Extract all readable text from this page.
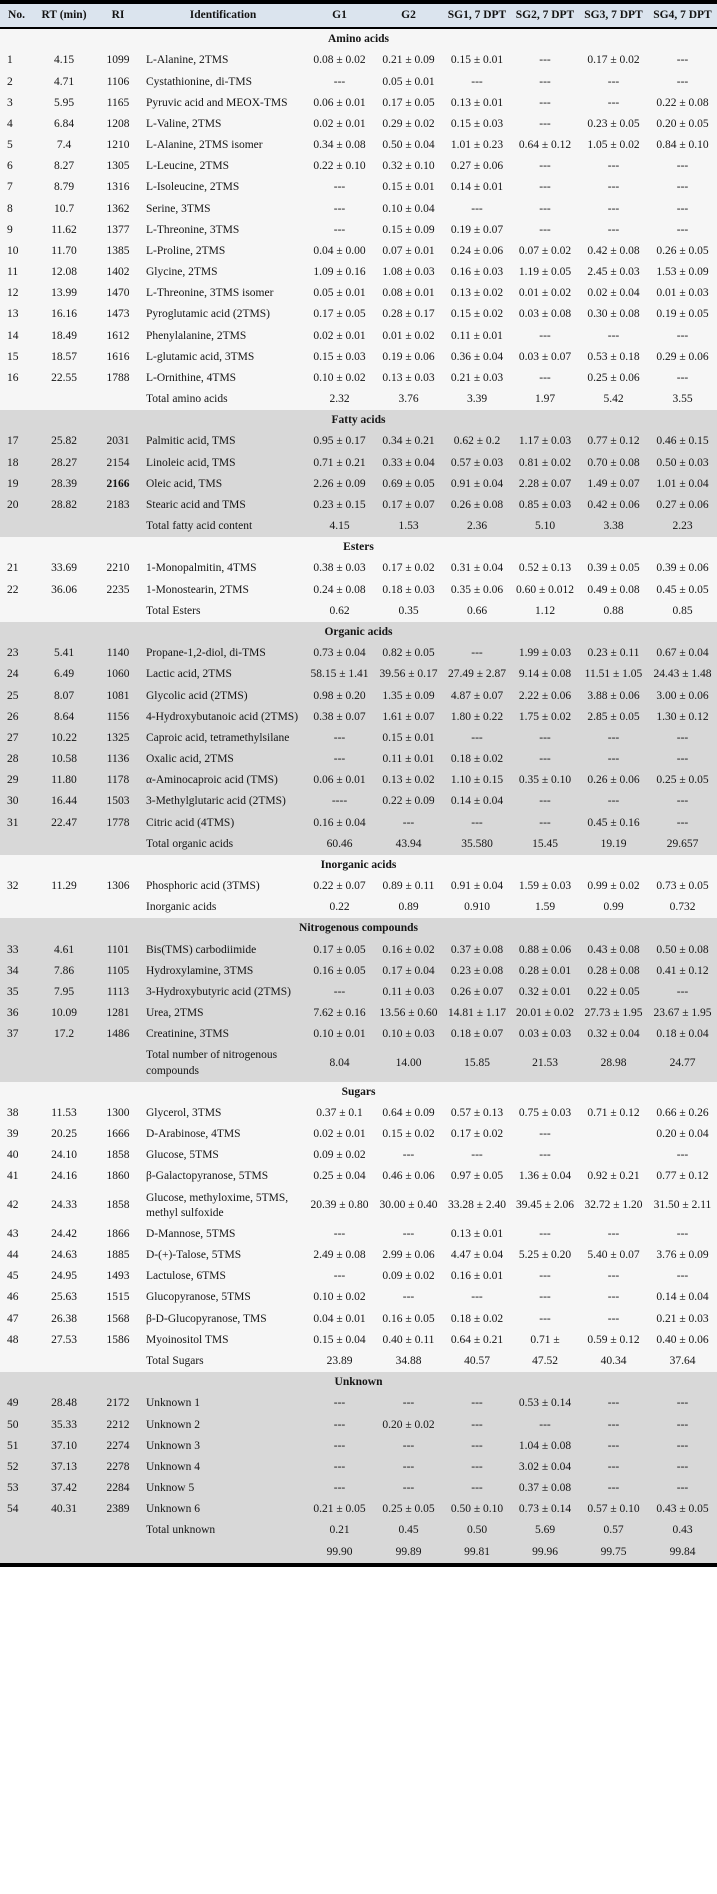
No.	RT (min)	RI	Identification	G1	G2	SG1, 7 DPT	SG2, 7 DPT	SG3, 7 DPT	SG4, 7 DPT
Amino acids									
1	4.15	1099	L-Alanine, 2TMS	0.08 ± 0.02	0.21 ± 0.09	0.15 ± 0.01	---	0.17 ± 0.02	---
2	4.71	1106	Cystathionine, di-TMS	---	0.05 ± 0.01	---	---	---	---
3	5.95	1165	Pyruvic acid and MEOX-TMS	0.06 ± 0.01	0.17 ± 0.05	0.13 ± 0.01	---	---	0.22 ± 0.08
4	6.84	1208	L-Valine, 2TMS	0.02 ± 0.01	0.29 ± 0.02	0.15 ± 0.03	---	0.23 ± 0.05	0.20 ± 0.05
5	7.4	1210	L-Alanine, 2TMS isomer	0.34 ± 0.08	0.50 ± 0.04	1.01 ± 0.23	0.64 ± 0.12	1.05 ± 0.02	0.84 ± 0.10
6	8.27	1305	L-Leucine, 2TMS	0.22 ± 0.10	0.32 ± 0.10	0.27 ± 0.06	---	---	---
7	8.79	1316	L-Isoleucine, 2TMS	---	0.15 ± 0.01	0.14 ± 0.01	---	---	---
8	10.7	1362	Serine, 3TMS	---	0.10 ± 0.04	---	---	---	---
9	11.62	1377	L-Threonine, 3TMS	---	0.15 ± 0.09	0.19 ± 0.07	---	---	---
10	11.70	1385	L-Proline, 2TMS	0.04 ± 0.00	0.07 ± 0.01	0.24 ± 0.06	0.07 ± 0.02	0.42 ± 0.08	0.26 ± 0.05
11	12.08	1402	Glycine, 2TMS	1.09 ± 0.16	1.08 ± 0.03	0.16 ± 0.03	1.19 ± 0.05	2.45 ± 0.03	1.53 ± 0.09
12	13.99	1470	L-Threonine, 3TMS isomer	0.05 ± 0.01	0.08 ± 0.01	0.13 ± 0.02	0.01 ± 0.02	0.02 ± 0.04	0.01 ± 0.03
13	16.16	1473	Pyroglutamic acid (2TMS)	0.17 ± 0.05	0.28 ± 0.17	0.15 ± 0.02	0.03 ± 0.08	0.30 ± 0.08	0.19 ± 0.05
14	18.49	1612	Phenylalanine, 2TMS	0.02 ± 0.01	0.01 ± 0.02	0.11 ± 0.01	---	---	---
15	18.57	1616	L-glutamic acid, 3TMS	0.15 ± 0.03	0.19 ± 0.06	0.36 ± 0.04	0.03 ± 0.07	0.53 ± 0.18	0.29 ± 0.06
16	22.55	1788	L-Ornithine, 4TMS	0.10 ± 0.02	0.13 ± 0.03	0.21 ± 0.03	---	0.25 ± 0.06	---
			Total amino acids	2.32	3.76	3.39	1.97	5.42	3.55
Fatty acids									
17	25.82	2031	Palmitic acid, TMS	0.95 ± 0.17	0.34 ± 0.21	0.62 ± 0.2	1.17 ± 0.03	0.77 ± 0.12	0.46 ± 0.15
18	28.27	2154	Linoleic acid, TMS	0.71 ± 0.21	0.33 ± 0.04	0.57 ± 0.03	0.81 ± 0.02	0.70 ± 0.08	0.50 ± 0.03
19	28.39	2166	Oleic acid, TMS	2.26 ± 0.09	0.69 ± 0.05	0.91 ± 0.04	2.28 ± 0.07	1.49 ± 0.07	1.01 ± 0.04
20	28.82	2183	Stearic acid and TMS	0.23 ± 0.15	0.17 ± 0.07	0.26 ± 0.08	0.85 ± 0.03	0.42 ± 0.06	0.27 ± 0.06
			Total fatty acid content	4.15	1.53	2.36	5.10	3.38	2.23
Esters									
21	33.69	2210	1-Monopalmitin, 4TMS	0.38 ± 0.03	0.17 ± 0.02	0.31 ± 0.04	0.52 ± 0.13	0.39 ± 0.05	0.39 ± 0.06
22	36.06	2235	1-Monostearin, 2TMS	0.24 ± 0.08	0.18 ± 0.03	0.35 ± 0.06	0.60 ± 0.012	0.49 ± 0.08	0.45 ± 0.05
			Total Esters	0.62	0.35	0.66	1.12	0.88	0.85
Organic acids									
23	5.41	1140	Propane-1,2-diol, di-TMS	0.73 ± 0.04	0.82 ± 0.05	---	1.99 ± 0.03	0.23 ± 0.11	0.67 ± 0.04
24	6.49	1060	Lactic acid, 2TMS	58.15 ± 1.41	39.56 ± 0.17	27.49 ± 2.87	9.14 ± 0.08	11.51 ± 1.05	24.43 ± 1.48
25	8.07	1081	Glycolic acid (2TMS)	0.98 ± 0.20	1.35 ± 0.09	4.87 ± 0.07	2.22 ± 0.06	3.88 ± 0.06	3.00 ± 0.06
26	8.64	1156	4-Hydroxybutanoic acid (2TMS)	0.38 ± 0.07	1.61 ± 0.07	1.80 ± 0.22	1.75 ± 0.02	2.85 ± 0.05	1.30 ± 0.12
27	10.22	1325	Caproic acid, tetramethylsilane	---	0.15 ± 0.01	---	---	---	---
28	10.58	1136	Oxalic acid, 2TMS	---	0.11 ± 0.01	0.18 ± 0.02	---	---	---
29	11.80	1178	α-Aminocaproic acid (TMS)	0.06 ± 0.01	0.13 ± 0.02	1.10 ± 0.15	0.35 ± 0.10	0.26 ± 0.06	0.25 ± 0.05
30	16.44	1503	3-Methylglutaric acid (2TMS)	----	0.22 ± 0.09	0.14 ± 0.04	---	---	---
31	22.47	1778	Citric acid (4TMS)	0.16 ± 0.04	---	---	---	0.45 ± 0.16	---
			Total organic acids	60.46	43.94	35.580	15.45	19.19	29.657
Inorganic acids									
32	11.29	1306	Phosphoric acid (3TMS)	0.22 ± 0.07	0.89 ± 0.11	0.91 ± 0.04	1.59 ± 0.03	0.99 ± 0.02	0.73 ± 0.05
			Inorganic acids	0.22	0.89	0.910	1.59	0.99	0.732
Nitrogenous compounds									
33	4.61	1101	Bis(TMS) carbodiimide	0.17 ± 0.05	0.16 ± 0.02	0.37 ± 0.08	0.88 ± 0.06	0.43 ± 0.08	0.50 ± 0.08
34	7.86	1105	Hydroxylamine, 3TMS	0.16 ± 0.05	0.17 ± 0.04	0.23 ± 0.08	0.28 ± 0.01	0.28 ± 0.08	0.41 ± 0.12
35	7.95	1113	3-Hydroxybutyric acid (2TMS)	---	0.11 ± 0.03	0.26 ± 0.07	0.32 ± 0.01	0.22 ± 0.05	---
36	10.09	1281	Urea, 2TMS	7.62 ± 0.16	13.56 ± 0.60	14.81 ± 1.17	20.01 ± 0.02	27.73 ± 1.95	23.67 ± 1.95
37	17.2	1486	Creatinine, 3TMS	0.10 ± 0.01	0.10 ± 0.03	0.18 ± 0.07	0.03 ± 0.03	0.32 ± 0.04	0.18 ± 0.04
			Total number of nitrogenous compounds	8.04	14.00	15.85	21.53	28.98	24.77
Sugars									
38	11.53	1300	Glycerol, 3TMS	0.37 ± 0.1	0.64 ± 0.09	0.57 ± 0.13	0.75 ± 0.03	0.71 ± 0.12	0.66 ± 0.26
39	20.25	1666	D-Arabinose, 4TMS	0.02 ± 0.01	0.15 ± 0.02	0.17 ± 0.02	---		0.20 ± 0.04
40	24.10	1858	Glucose, 5TMS	0.09 ± 0.02	---	---	---		---
41	24.16	1860	β-Galactopyranose, 5TMS	0.25 ± 0.04	0.46 ± 0.06	0.97 ± 0.05	1.36 ± 0.04	0.92 ± 0.21	0.77 ± 0.12
42	24.33	1858	Glucose, methyloxime, 5TMS, methyl sulfoxide	20.39 ± 0.80	30.00 ± 0.40	33.28 ± 2.40	39.45 ± 2.06	32.72 ± 1.20	31.50 ± 2.11
43	24.42	1866	D-Mannose, 5TMS	---	---	0.13 ± 0.01	---	---	---
44	24.63	1885	D-(+)-Talose, 5TMS	2.49 ± 0.08	2.99 ± 0.06	4.47 ± 0.04	5.25 ± 0.20	5.40 ± 0.07	3.76 ± 0.09
45	24.95	1493	Lactulose, 6TMS	---	0.09 ± 0.02	0.16 ± 0.01	---	---	---
46	25.63	1515	Glucopyranose, 5TMS	0.10 ± 0.02	---	---	---	---	0.14 ± 0.04
47	26.38	1568	β-D-Glucopyranose, TMS	0.04 ± 0.01	0.16 ± 0.05	0.18 ± 0.02	---	---	0.21 ± 0.03
48	27.53	1586	Myoinositol TMS	0.15 ± 0.04	0.40 ± 0.11	0.64 ± 0.21	0.71 ±	0.59 ± 0.12	0.40 ± 0.06
			Total Sugars	23.89	34.88	40.57	47.52	40.34	37.64
Unknown									
49	28.48	2172	Unknown 1	---	---	---	0.53 ± 0.14	---	---
50	35.33	2212	Unknown 2	---	0.20 ± 0.02	---	---	---	---
51	37.10	2274	Unknown 3	---	---	---	1.04 ± 0.08	---	---
52	37.13	2278	Unknown 4	---	---	---	3.02 ± 0.04	---	---
53	37.42	2284	Unknow 5	---	---	---	0.37 ± 0.08	---	---
54	40.31	2389	Unknown 6	0.21 ± 0.05	0.25 ± 0.05	0.50 ± 0.10	0.73 ± 0.14	0.57 ± 0.10	0.43 ± 0.05
			Total unknown	0.21	0.45	0.50	5.69	0.57	0.43
				99.90	99.89	99.81	99.96	99.75	99.84
